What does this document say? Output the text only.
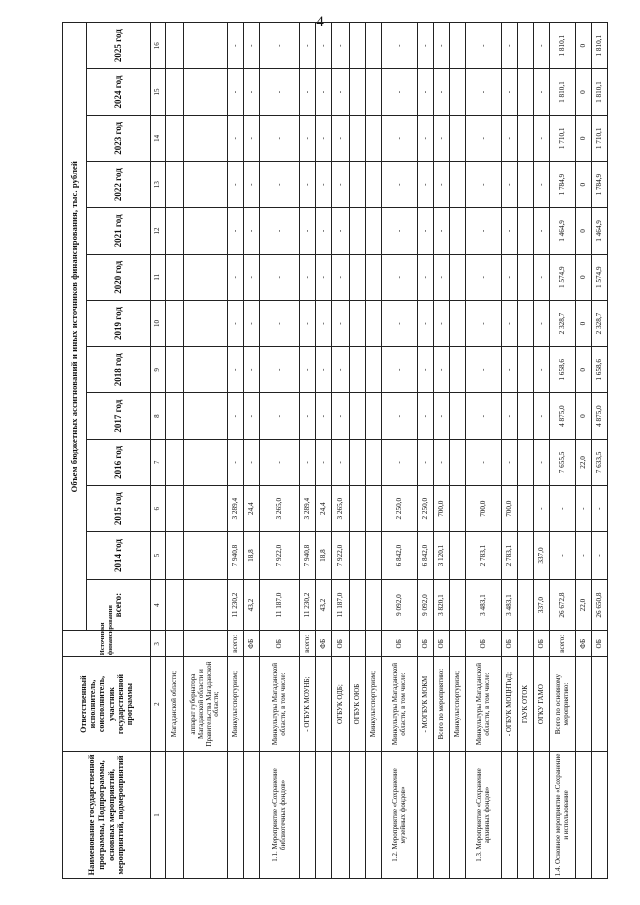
4
Наименование государственной программы, Подпрограммы, основных мероприятий, мероприятий, подмероприятий	Ответственный исполнитель, соисполнитель, участник государственной программы	Источники финансирования	Объем бюджетных ассигнований и иных источников финансирования, тыс. рублей												

			всего:	2014 год	2015 год	2016 год	2017 год	2018 год	2019 год	2020 год	2021 год	2022 год	2023 год	2024 год	2025 год
1	2	3	4	5	6	7	8	9	10	11	12	13	14	15	16
	Магаданской области;														
	аппарат губернатора Магаданской области и Правительства Магаданской области;														
	Минкультспортуризм;	всего:	11 230,2	7 940,8	3 289,4	-	-	-	-	-	-	-	-	-	-
		ФБ	43,2	18,8	24,4	-	-	-	-	-	-	-	-	-	-
1.1. Мероприятие «Сохранение библиотечных фондов»	Минкультуры Магаданской области, в том числе:	ОБ	11 187,0	7 922,0	3 265,0	-	-	-	-	-	-	-	-	-	-
	- ОГБУК МОУНБ;	всего:	11 230,2	7 940,8	3 289,4	-	-	-	-	-	-	-	-	-	-
		ФБ	43,2	18,8	24,4	-	-	-	-	-	-	-	-	-	-
	ОГБУК ОДБ;	ОБ	11 187,0	7 922,0	3 265,0	-	-	-	-	-	-	-	-	-	-
	ОГБУК ОЮБ														
	Минкультспортуризм;														
1.2. Мероприятие «Сохранение музейных фондов»	Минкультуры Магаданской области, в том числе:	ОБ	9 092,0	6 842,0	2 250,0	-	-	-	-	-	-	-	-	-	-
	- МОГБУК МОКМ	ОБ	9 092,0	6 842,0	2 250,0	-	-	-	-	-	-	-	-	-	-
	Всего по мероприятию:	ОБ	3 820,1	3 120,1	700,0	-	-	-	-	-	-	-	-	-	-
	Минкультспортуризм;														
1.3. Мероприятие «Сохранение архивных фондов»	Минкультуры Магаданской области, в том числе:	ОБ	3 483,1	2 783,1	700,0	-	-	-	-	-	-	-	-	-	-
	- ОГБУК МОЦНТиД;	ОБ	3 483,1	2 783,1	700,0	-	-	-	-	-	-	-	-	-	-
	ГАУК ОТОК														
	ОГКУ ГАМО	ОБ	337,0	337,0	-	-	-	-	-	-	-	-	-	-	-
1.4. Основное мероприятие «Сохранение и использование	Всего по основному мероприятию:	всего:	26 672,8	-	-	7 655,5	4 875,0	1 658,6	2 328,7	1 574,9	1 464,9	1 784,9	1 710,1	1 810,1	1 810,1
		ФБ	22,0	-	-	22,0	0	0	0	0	0	0	0	0	0
		ОБ	26 650,8	-	-	7 633,5	4 875,0	1 658,6	2 328,7	1 574,9	1 464,9	1 784,9	1 710,1	1 810,1	1 810,1
